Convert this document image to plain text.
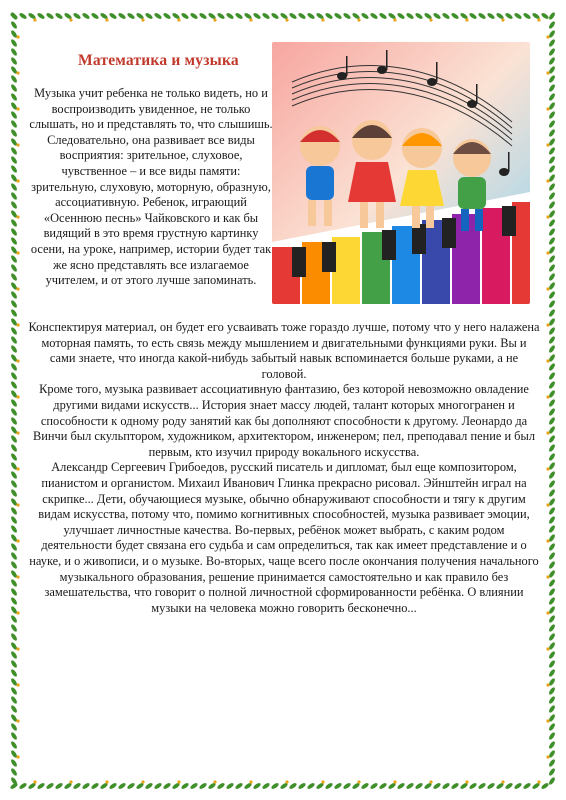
Математика и музыка

Музыка учит ребенка не только видеть, но и воспроизводить увиденное, не только слышать, но и представлять то, что слышишь. Следовательно, она развивает все виды восприятия: зрительное, слуховое, чувственное – и все виды памяти: зрительную, слуховую, моторную, образную, ассоциативную. Ребенок, играющий «Осеннюю песнь» Чайковского и как бы видящий в это время грустную картинку осени, на уроке, например, истории будет так же ясно представлять все излагаемое учителем, и от этого лучше запоминать.

Конспектируя материал, он будет его усваивать тоже гораздо лучше, потому что у него налажена моторная память, то есть связь между мышлением и двигательными функциями руки. Вы и сами знаете, что иногда какой-нибудь забытый навык вспоминается больше руками, а не головой.

Кроме того, музыка развивает ассоциативную фантазию, без которой невозможно овладение другими видами искусств... История знает массу людей, талант которых многогранен и способности к одному роду занятий как бы дополняют способности к другому. Леонардо да Винчи был скульптором, художником, архитектором, инженером; пел, преподавал пение и был первым, кто изучил природу вокального искусства.

Александр Сергеевич Грибоедов, русский писатель и дипломат, был еще композитором, пианистом и органистом. Михаил Иванович Глинка прекрасно рисовал. Эйнштейн играл на скрипке... Дети, обучающиеся музыке, обычно обнаруживают способности и тягу к другим видам искусства, потому что, помимо когнитивных способностей, музыка развивает эмоции, улучшает личностные качества. Во-первых, ребёнок может выбрать, с каким родом деятельности будет связана его судьба и сам определиться, так как имеет представление и о науке, и о живописи, и о музыке. Во-вторых, чаще всего после окончания получения начального музыкального образования, решение принимается самостоятельно и как правило без замешательства, что говорит о полной личностной сформированности ребёнка. О влиянии музыки на человека можно говорить бесконечно...
